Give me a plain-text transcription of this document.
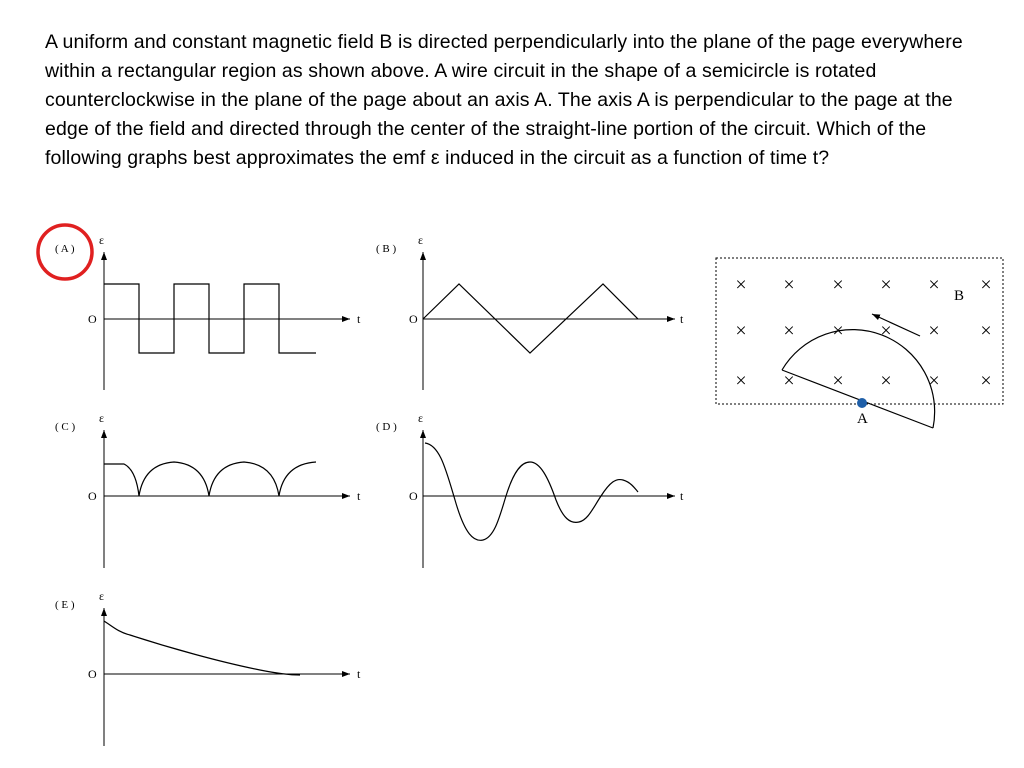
A uniform and constant magnetic field B is directed perpendicularly into the plane of the page everywhere within a rectangular region as shown above. A wire circuit in the shape of a semicircle is rotated counterclockwise in the plane of the page about an axis A. The axis A is perpendicular to the page at the edge of the field and directed through the center of the straight-line portion of the circuit. Which of the following graphs best approximates the emf ε induced in the circuit as a function of time t?

( A )
ε
O	t
( B )
ε
O	t
( C )
ε
O	t
( D )
ε
O	t
( E )
ε
O	t
× × × × × ×
× × × × × ×
× × × × × ×
B
A
